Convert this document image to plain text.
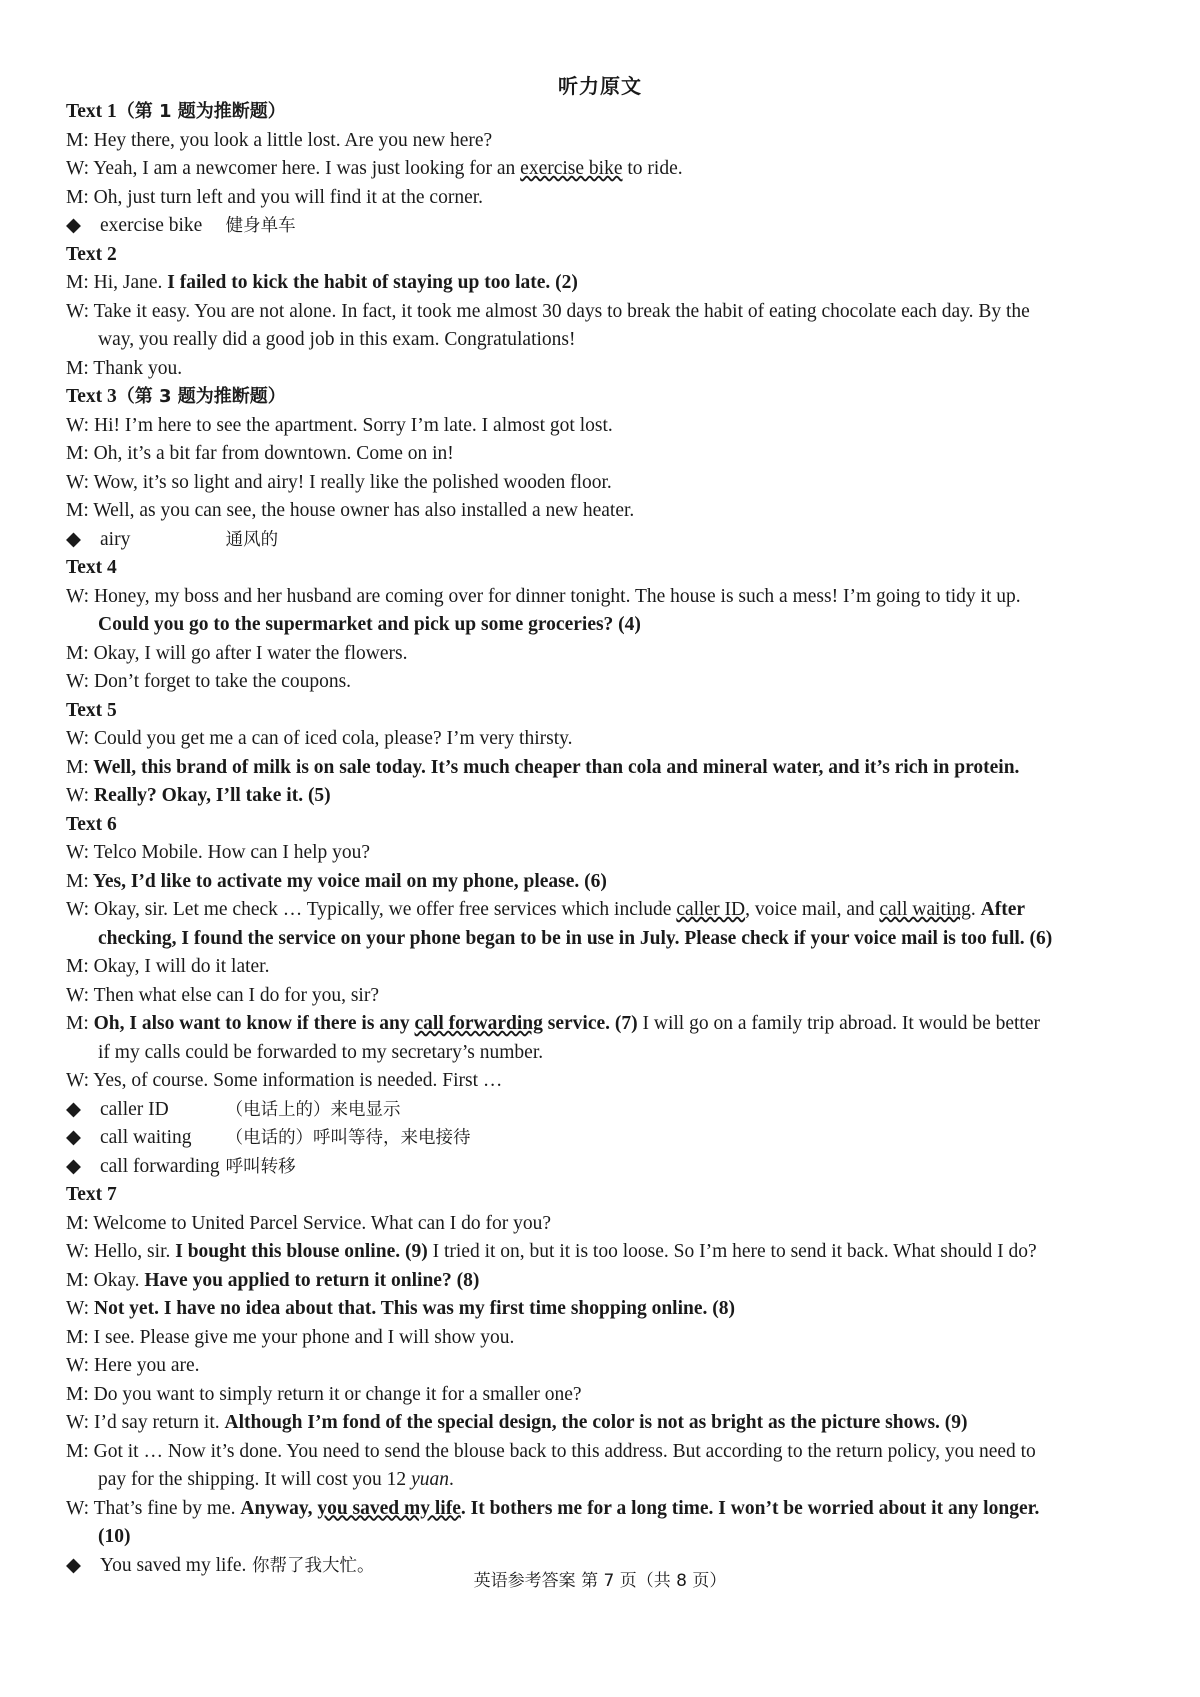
听力原文
Text 1（第 1 题为推断题）
M: Hey there, you look a little lost. Are you new here?
W: Yeah, I am a newcomer here. I was just looking for an exercise bike to ride.
M: Oh, just turn left and you will find it at the corner.
◆ exercise bike 健身单车
Text 2
M: Hi, Jane. I failed to kick the habit of staying up too late. (2)
W: Take it easy. You are not alone. In fact, it took me almost 30 days to break the habit of eating chocolate each day. By the
way, you really did a good job in this exam. Congratulations!
M: Thank you.
Text 3（第 3 题为推断题）
W: Hi! I’m here to see the apartment. Sorry I’m late. I almost got lost.
M: Oh, it’s a bit far from downtown. Come on in!
W: Wow, it’s so light and airy! I really like the polished wooden floor.
M: Well, as you can see, the house owner has also installed a new heater.
◆ airy	通风的
Text 4
W: Honey, my boss and her husband are coming over for dinner tonight. The house is such a mess! I’m going to tidy it up.
Could you go to the supermarket and pick up some groceries? (4)
M: Okay, I will go after I water the flowers.
W: Don’t forget to take the coupons.
Text 5
W: Could you get me a can of iced cola, please? I’m very thirsty.
M: Well, this brand of milk is on sale today. It’s much cheaper than cola and mineral water, and it’s rich in protein.
W: Really? Okay, I’ll take it. (5)
Text 6
W: Telco Mobile. How can I help you?
M: Yes, I’d like to activate my voice mail on my phone, please. (6)
W: Okay, sir. Let me check … Typically, we offer free services which include caller ID, voice mail, and call waiting. After
checking, I found the service on your phone began to be in use in July. Please check if your voice mail is too full. (6)
M: Okay, I will do it later.
W: Then what else can I do for you, sir?
M: Oh, I also want to know if there is any call forwarding service. (7) I will go on a family trip abroad. It would be better
if my calls could be forwarded to my secretary’s number.
W: Yes, of course. Some information is needed. First …
◆ caller ID	（电话上的）来电显示
◆ call waiting （电话的）呼叫等待，来电接待
◆ call forwarding 呼叫转移
Text 7
M: Welcome to United Parcel Service. What can I do for you?
W: Hello, sir. I bought this blouse online. (9) I tried it on, but it is too loose. So I’m here to send it back. What should I do?
M: Okay. Have you applied to return it online? (8)
W: Not yet. I have no idea about that. This was my first time shopping online. (8)
M: I see. Please give me your phone and I will show you.
W: Here you are.
M: Do you want to simply return it or change it for a smaller one?
W: I’d say return it. Although I’m fond of the special design, the color is not as bright as the picture shows. (9)
M: Got it … Now it’s done. You need to send the blouse back to this address. But according to the return policy, you need to
pay for the shipping. It will cost you 12 yuan.
W: That’s fine by me. Anyway, you saved my life. It bothers me for a long time. I won’t be worried about it any longer.
(10)
◆ You saved my life. 你帮了我大忙。
英语参考答案 第 7 页（共 8 页）
